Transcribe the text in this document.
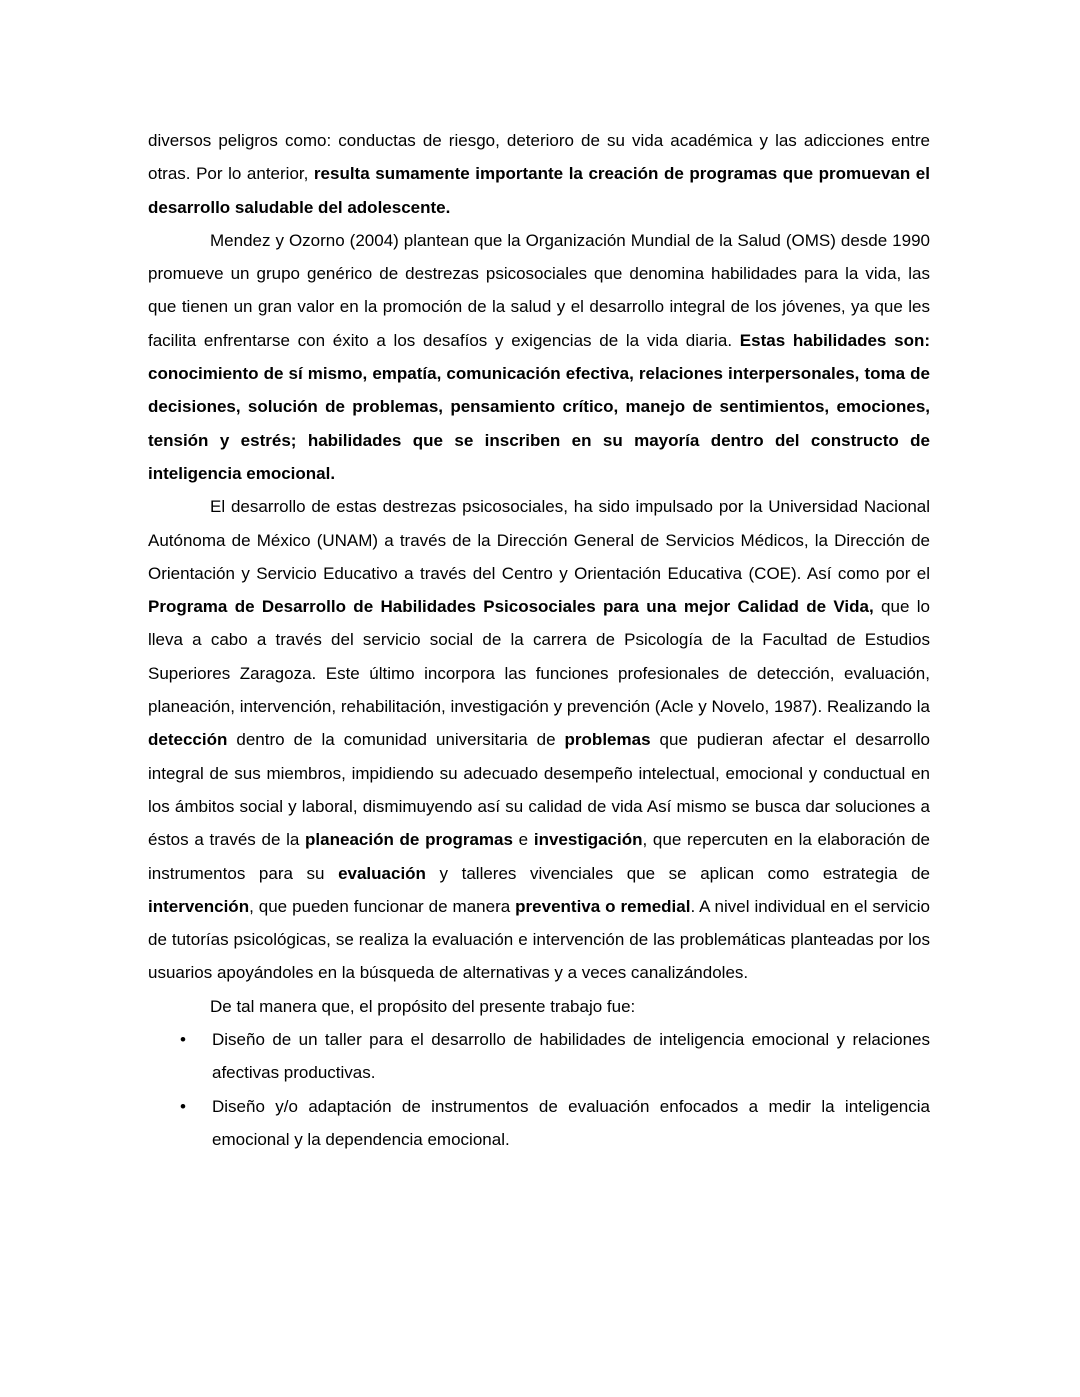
diversos peligros como: conductas de riesgo, deterioro de su vida académica y las adicciones entre otras. Por lo anterior, resulta sumamente importante la creación de programas que promuevan el desarrollo saludable del adolescente.

Mendez y Ozorno (2004) plantean que la Organización Mundial de la Salud (OMS) desde 1990 promueve un grupo genérico de destrezas psicosociales que denomina habilidades para la vida, las que tienen un gran valor en la promoción de la salud y el desarrollo integral de los jóvenes, ya que les facilita enfrentarse con éxito a los desafíos y exigencias de la vida diaria. Estas habilidades son: conocimiento de sí mismo, empatía, comunicación efectiva, relaciones interpersonales, toma de decisiones, solución de problemas, pensamiento crítico, manejo de sentimientos, emociones, tensión y estrés; habilidades que se inscriben en su mayoría dentro del constructo de inteligencia emocional.

El desarrollo de estas destrezas psicosociales, ha sido impulsado por la Universidad Nacional Autónoma de México (UNAM) a través de la Dirección General de Servicios Médicos, la Dirección de Orientación y Servicio Educativo a través del Centro y Orientación Educativa (COE). Así como por el Programa de Desarrollo de Habilidades Psicosociales para una mejor Calidad de Vida, que lo lleva a cabo a través del servicio social de la carrera de Psicología de la Facultad de Estudios Superiores Zaragoza. Este último incorpora las funciones profesionales de detección, evaluación, planeación, intervención, rehabilitación, investigación y prevención (Acle y Novelo, 1987). Realizando la detección dentro de la comunidad universitaria de problemas que pudieran afectar el desarrollo integral de sus miembros, impidiendo su adecuado desempeño intelectual, emocional y conductual en los ámbitos social y laboral, dismimuyendo así su calidad de vida Así mismo se busca dar soluciones a éstos a través de la planeación de programas e investigación, que repercuten en la elaboración de instrumentos para su evaluación y talleres vivenciales que se aplican como estrategia de intervención, que pueden funcionar de manera preventiva o remedial. A nivel individual en el servicio de tutorías psicológicas, se realiza la evaluación e intervención de las problemáticas planteadas por los usuarios apoyándoles en la búsqueda de alternativas y a veces canalizándoles.

De tal manera que, el propósito del presente trabajo fue:

•	Diseño de un taller para el desarrollo de habilidades de inteligencia emocional y relaciones afectivas productivas.
•	Diseño y/o adaptación de instrumentos de evaluación enfocados a medir la inteligencia emocional y la dependencia emocional.
